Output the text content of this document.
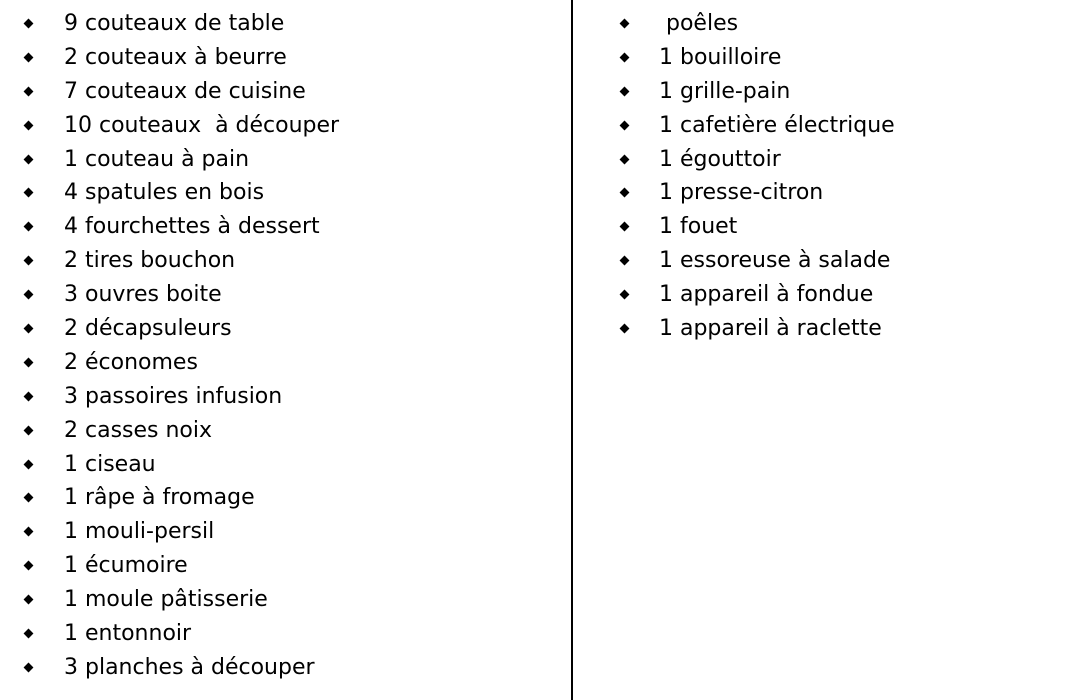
9 couteaux de table
2 couteaux à beurre
7 couteaux de cuisine
10 couteaux  à découper
1 couteau à pain
4 spatules en bois
4 fourchettes à dessert
2 tires bouchon
3 ouvres boite
2 décapsuleurs
2 économes
3 passoires infusion
2 casses noix
1 ciseau
1 râpe à fromage
1 mouli-persil
1 écumoire
1 moule pâtisserie
1 entonnoir
3 planches à découper
poêles
1 bouilloire
1 grille-pain
1 cafetière électrique
1 égouttoir
1 presse-citron
1 fouet
1 essoreuse à salade
1 appareil à fondue
1 appareil à raclette
